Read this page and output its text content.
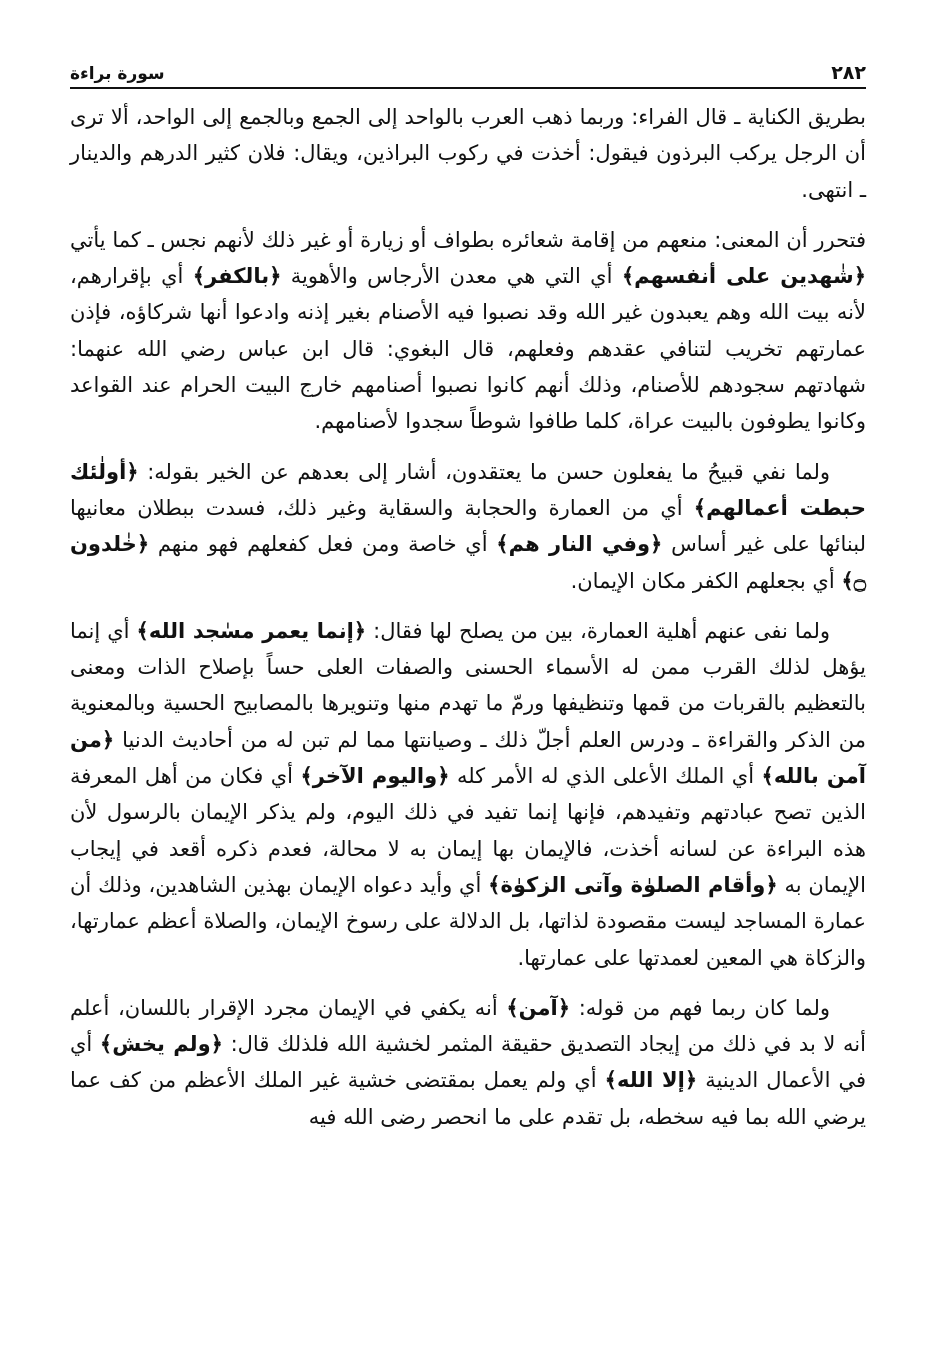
٢٨٢
سورة براءة

بطريق الكناية ـ قال الفراء: وربما ذهب العرب بالواحد إلى الجمع وبالجمع إلى الواحد، ألا ترى أن الرجل يركب البرذون فيقول: أخذت في ركوب البراذين، ويقال: فلان كثير الدرهم والدينار ـ انتهى.

فتحرر أن المعنى: منعهم من إقامة شعائره بطواف أو زيارة أو غير ذلك لأنهم نجس ـ كما يأتي ﴿شٰهدين على أنفسهم﴾ أي التي هي معدن الأرجاس والأهوية ﴿بالكفر﴾ أي بإقرارهم، لأنه بيت الله وهم يعبدون غير الله وقد نصبوا فيه الأصنام بغير إذنه وادعوا أنها شركاؤه، فإذن عمارتهم تخريب لتنافي عقدهم وفعلهم، قال البغوي: قال ابن عباس رضي الله عنهما: شهادتهم سجودهم للأصنام، وذلك أنهم كانوا نصبوا أصنامهم خارج البيت الحرام عند القواعد وكانوا يطوفون بالبيت عراة، كلما طافوا شوطاً سجدوا لأصنامهم.

ولما نفي قبيحُ ما يفعلون حسن ما يعتقدون، أشار إلى بعدهم عن الخير بقوله: ﴿أولٰئك حبطت أعمالهم﴾ أي من العمارة والحجابة والسقاية وغير ذلك، فسدت ببطلان معانيها لبنائها على غير أساس ﴿وفي النار هم﴾ أي خاصة ومن فعل كفعلهم فهو منهم ﴿خٰلدون ۝﴾ أي بجعلهم الكفر مكان الإيمان.

ولما نفى عنهم أهلية العمارة، بين من يصلح لها فقال: ﴿إنما يعمر مسٰجد الله﴾ أي إنما يؤهل لذلك القرب ممن له الأسماء الحسنى والصفات العلى حساً بإصلاح الذات ومعنى بالتعظيم بالقربات من قمها وتنظيفها ورمّ ما تهدم منها وتنويرها بالمصابيح الحسية وبالمعنوية من الذكر والقراءة ـ ودرس العلم أجلّ ذلك ـ وصيانتها مما لم تبن له من أحاديث الدنيا ﴿من آمن بالله﴾ أي الملك الأعلى الذي له الأمر كله ﴿واليوم الآخر﴾ أي فكان من أهل المعرفة الذين تصح عبادتهم وتفيدهم، فإنها إنما تفيد في ذلك اليوم، ولم يذكر الإيمان بالرسول لأن هذه البراءة عن لسانه أخذت، فالإيمان بها إيمان به لا محالة، فعدم ذكره أقعد في إيجاب الإيمان به ﴿وأقام الصلوٰة وآتى الزكوٰة﴾ أي وأيد دعواه الإيمان بهذين الشاهدين، وذلك أن عمارة المساجد ليست مقصودة لذاتها، بل الدلالة على رسوخ الإيمان، والصلاة أعظم عمارتها، والزكاة هي المعين لعمدتها على عمارتها.

ولما كان ربما فهم من قوله: ﴿آمن﴾ أنه يكفي في الإيمان مجرد الإقرار باللسان، أعلم أنه لا بد في ذلك من إيجاد التصديق حقيقة المثمر لخشية الله فلذلك قال: ﴿ولم يخش﴾ أي في الأعمال الدينية ﴿إلا الله﴾ أي ولم يعمل بمقتضى خشية غير الملك الأعظم من كف عما يرضي الله بما فيه سخطه، بل تقدم على ما انحصر رضى الله فيه
